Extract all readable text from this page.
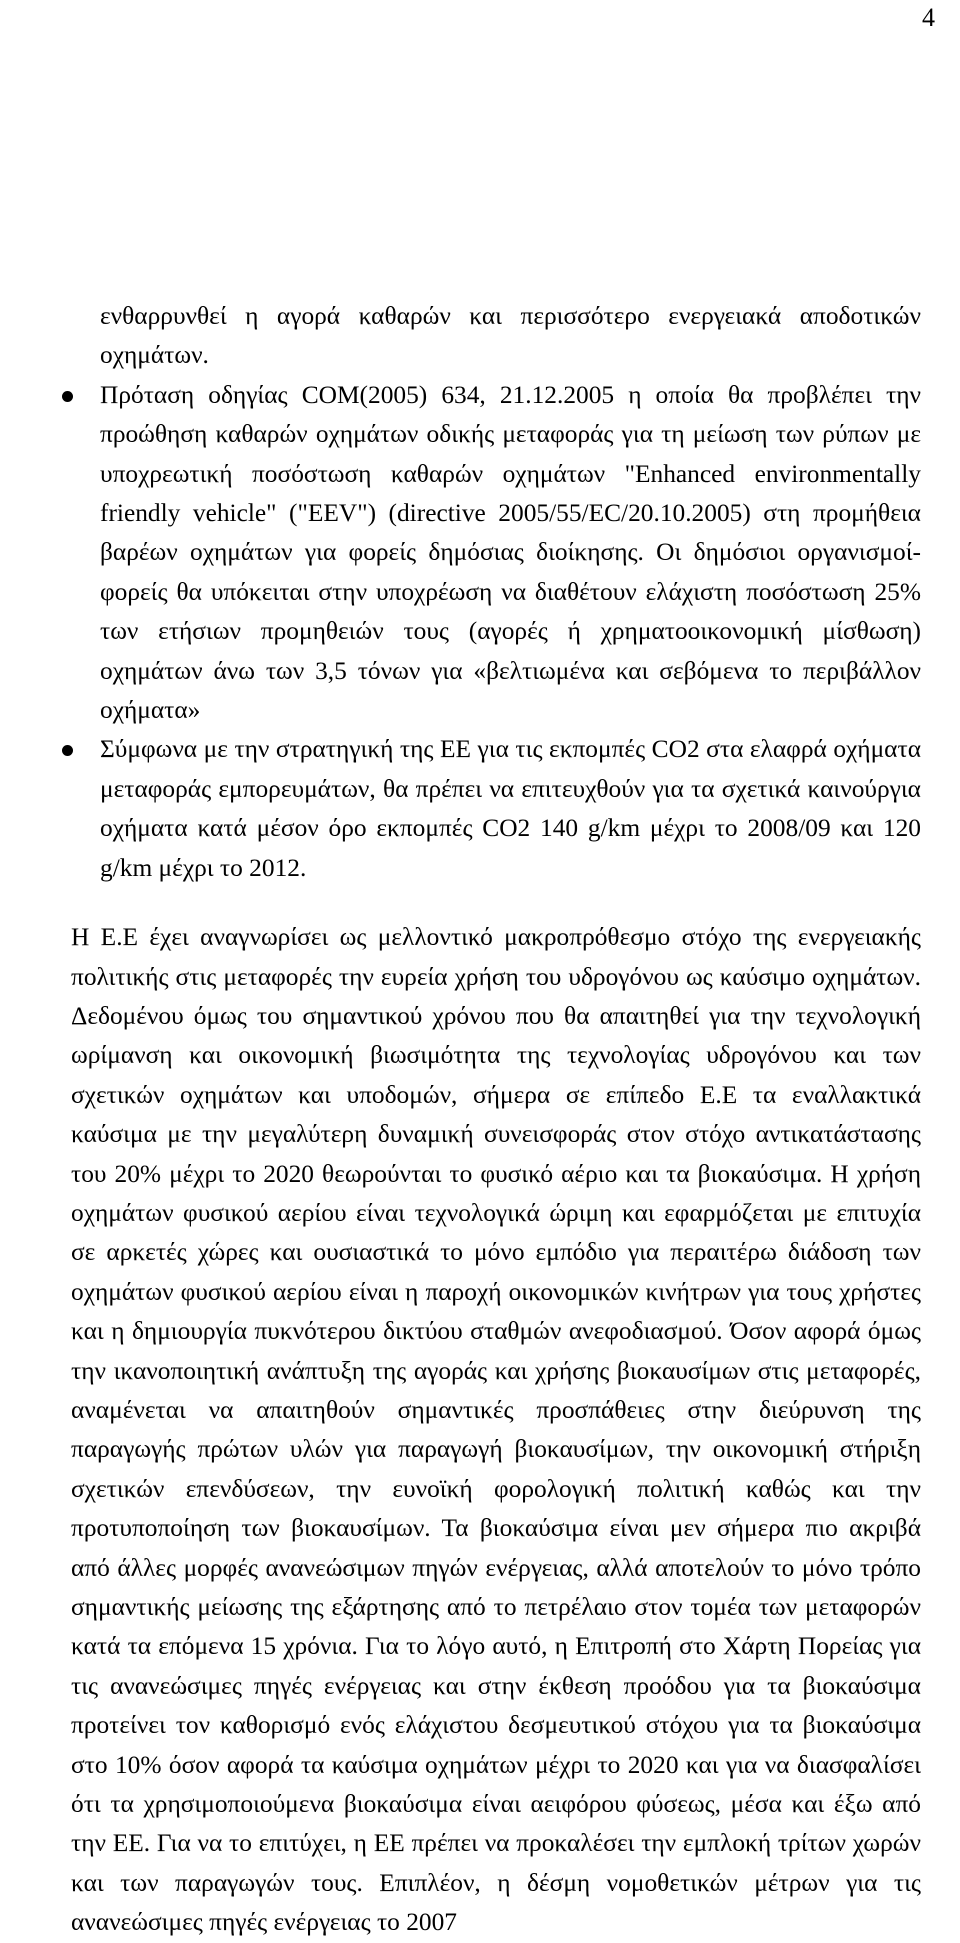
4

ενθαρρυνθεί η αγορά καθαρών και περισσότερο ενεργειακά αποδοτικών οχημάτων.

Πρόταση οδηγίας COM(2005) 634, 21.12.2005 η οποία θα προβλέπει την προώθηση καθαρών οχημάτων οδικής μεταφοράς για τη μείωση των ρύπων με υποχρεωτική ποσόστωση καθαρών οχημάτων "Enhanced environmentally friendly vehicle" ("EEV") (directive 2005/55/EC/20.10.2005) στη προμήθεια βαρέων οχημάτων για φορείς δημόσιας διοίκησης. Οι δημόσιοι οργανισμοί-φορείς θα υπόκειται στην υποχρέωση να διαθέτουν ελάχιστη ποσόστωση 25% των ετήσιων προμηθειών τους (αγορές ή χρηματοοικονομική μίσθωση) οχημάτων άνω των 3,5 τόνων για «βελτιωμένα και σεβόμενα το περιβάλλον οχήματα»
Σύμφωνα με την στρατηγική της ΕΕ για τις εκπομπές CO2 στα ελαφρά οχήματα μεταφοράς εμπορευμάτων, θα πρέπει να επιτευχθούν για τα σχετικά καινούργια οχήματα κατά μέσον όρο εκπομπές CO2 140 g/km μέχρι το 2008/09 και 120 g/km μέχρι το 2012.

Η Ε.Ε έχει αναγνωρίσει ως μελλοντικό μακροπρόθεσμο στόχο της ενεργειακής πολιτικής στις μεταφορές την ευρεία χρήση του υδρογόνου ως καύσιμο οχημάτων. Δεδομένου όμως του σημαντικού χρόνου που θα απαιτηθεί για την τεχνολογική ωρίμανση και οικονομική βιωσιμότητα της τεχνολογίας υδρογόνου και των σχετικών οχημάτων και υποδομών, σήμερα σε επίπεδο Ε.Ε τα εναλλακτικά καύσιμα με την μεγαλύτερη δυναμική συνεισφοράς στον στόχο αντικατάστασης του 20% μέχρι το 2020 θεωρούνται το φυσικό αέριο και τα βιοκαύσιμα. Η χρήση οχημάτων φυσικού αερίου είναι τεχνολογικά ώριμη και εφαρμόζεται με επιτυχία σε αρκετές χώρες και ουσιαστικά το μόνο εμπόδιο για περαιτέρω διάδοση των οχημάτων φυσικού αερίου είναι η παροχή οικονομικών κινήτρων για τους χρήστες και η δημιουργία πυκνότερου δικτύου σταθμών ανεφοδιασμού. Όσον αφορά όμως την ικανοποιητική ανάπτυξη της αγοράς και χρήσης βιοκαυσίμων στις μεταφορές, αναμένεται να απαιτηθούν σημαντικές προσπάθειες στην διεύρυνση της παραγωγής πρώτων υλών για παραγωγή βιοκαυσίμων, την οικονομική στήριξη σχετικών επενδύσεων, την ευνοϊκή φορολογική πολιτική καθώς και την προτυποποίηση των βιοκαυσίμων. Τα βιοκαύσιμα είναι μεν σήμερα πιο ακριβά από άλλες μορφές ανανεώσιμων πηγών ενέργειας, αλλά αποτελούν το μόνο τρόπο σημαντικής μείωσης της εξάρτησης από το πετρέλαιο στον τομέα των μεταφορών κατά τα επόμενα 15 χρόνια. Για το λόγο αυτό, η Επιτροπή στο Χάρτη Πορείας για τις ανανεώσιμες πηγές ενέργειας και στην έκθεση προόδου για τα βιοκαύσιμα προτείνει τον καθορισμό ενός ελάχιστου δεσμευτικού στόχου για τα βιοκαύσιμα στο 10% όσον αφορά τα καύσιμα οχημάτων μέχρι το 2020 και για να διασφαλίσει ότι τα χρησιμοποιούμενα βιοκαύσιμα είναι αειφόρου φύσεως, μέσα και έξω από την ΕΕ. Για να το επιτύχει, η ΕΕ πρέπει να προκαλέσει την εμπλοκή τρίτων χωρών και των παραγωγών τους. Επιπλέον, η δέσμη νομοθετικών μέτρων για τις ανανεώσιμες πηγές ενέργειας το 2007
